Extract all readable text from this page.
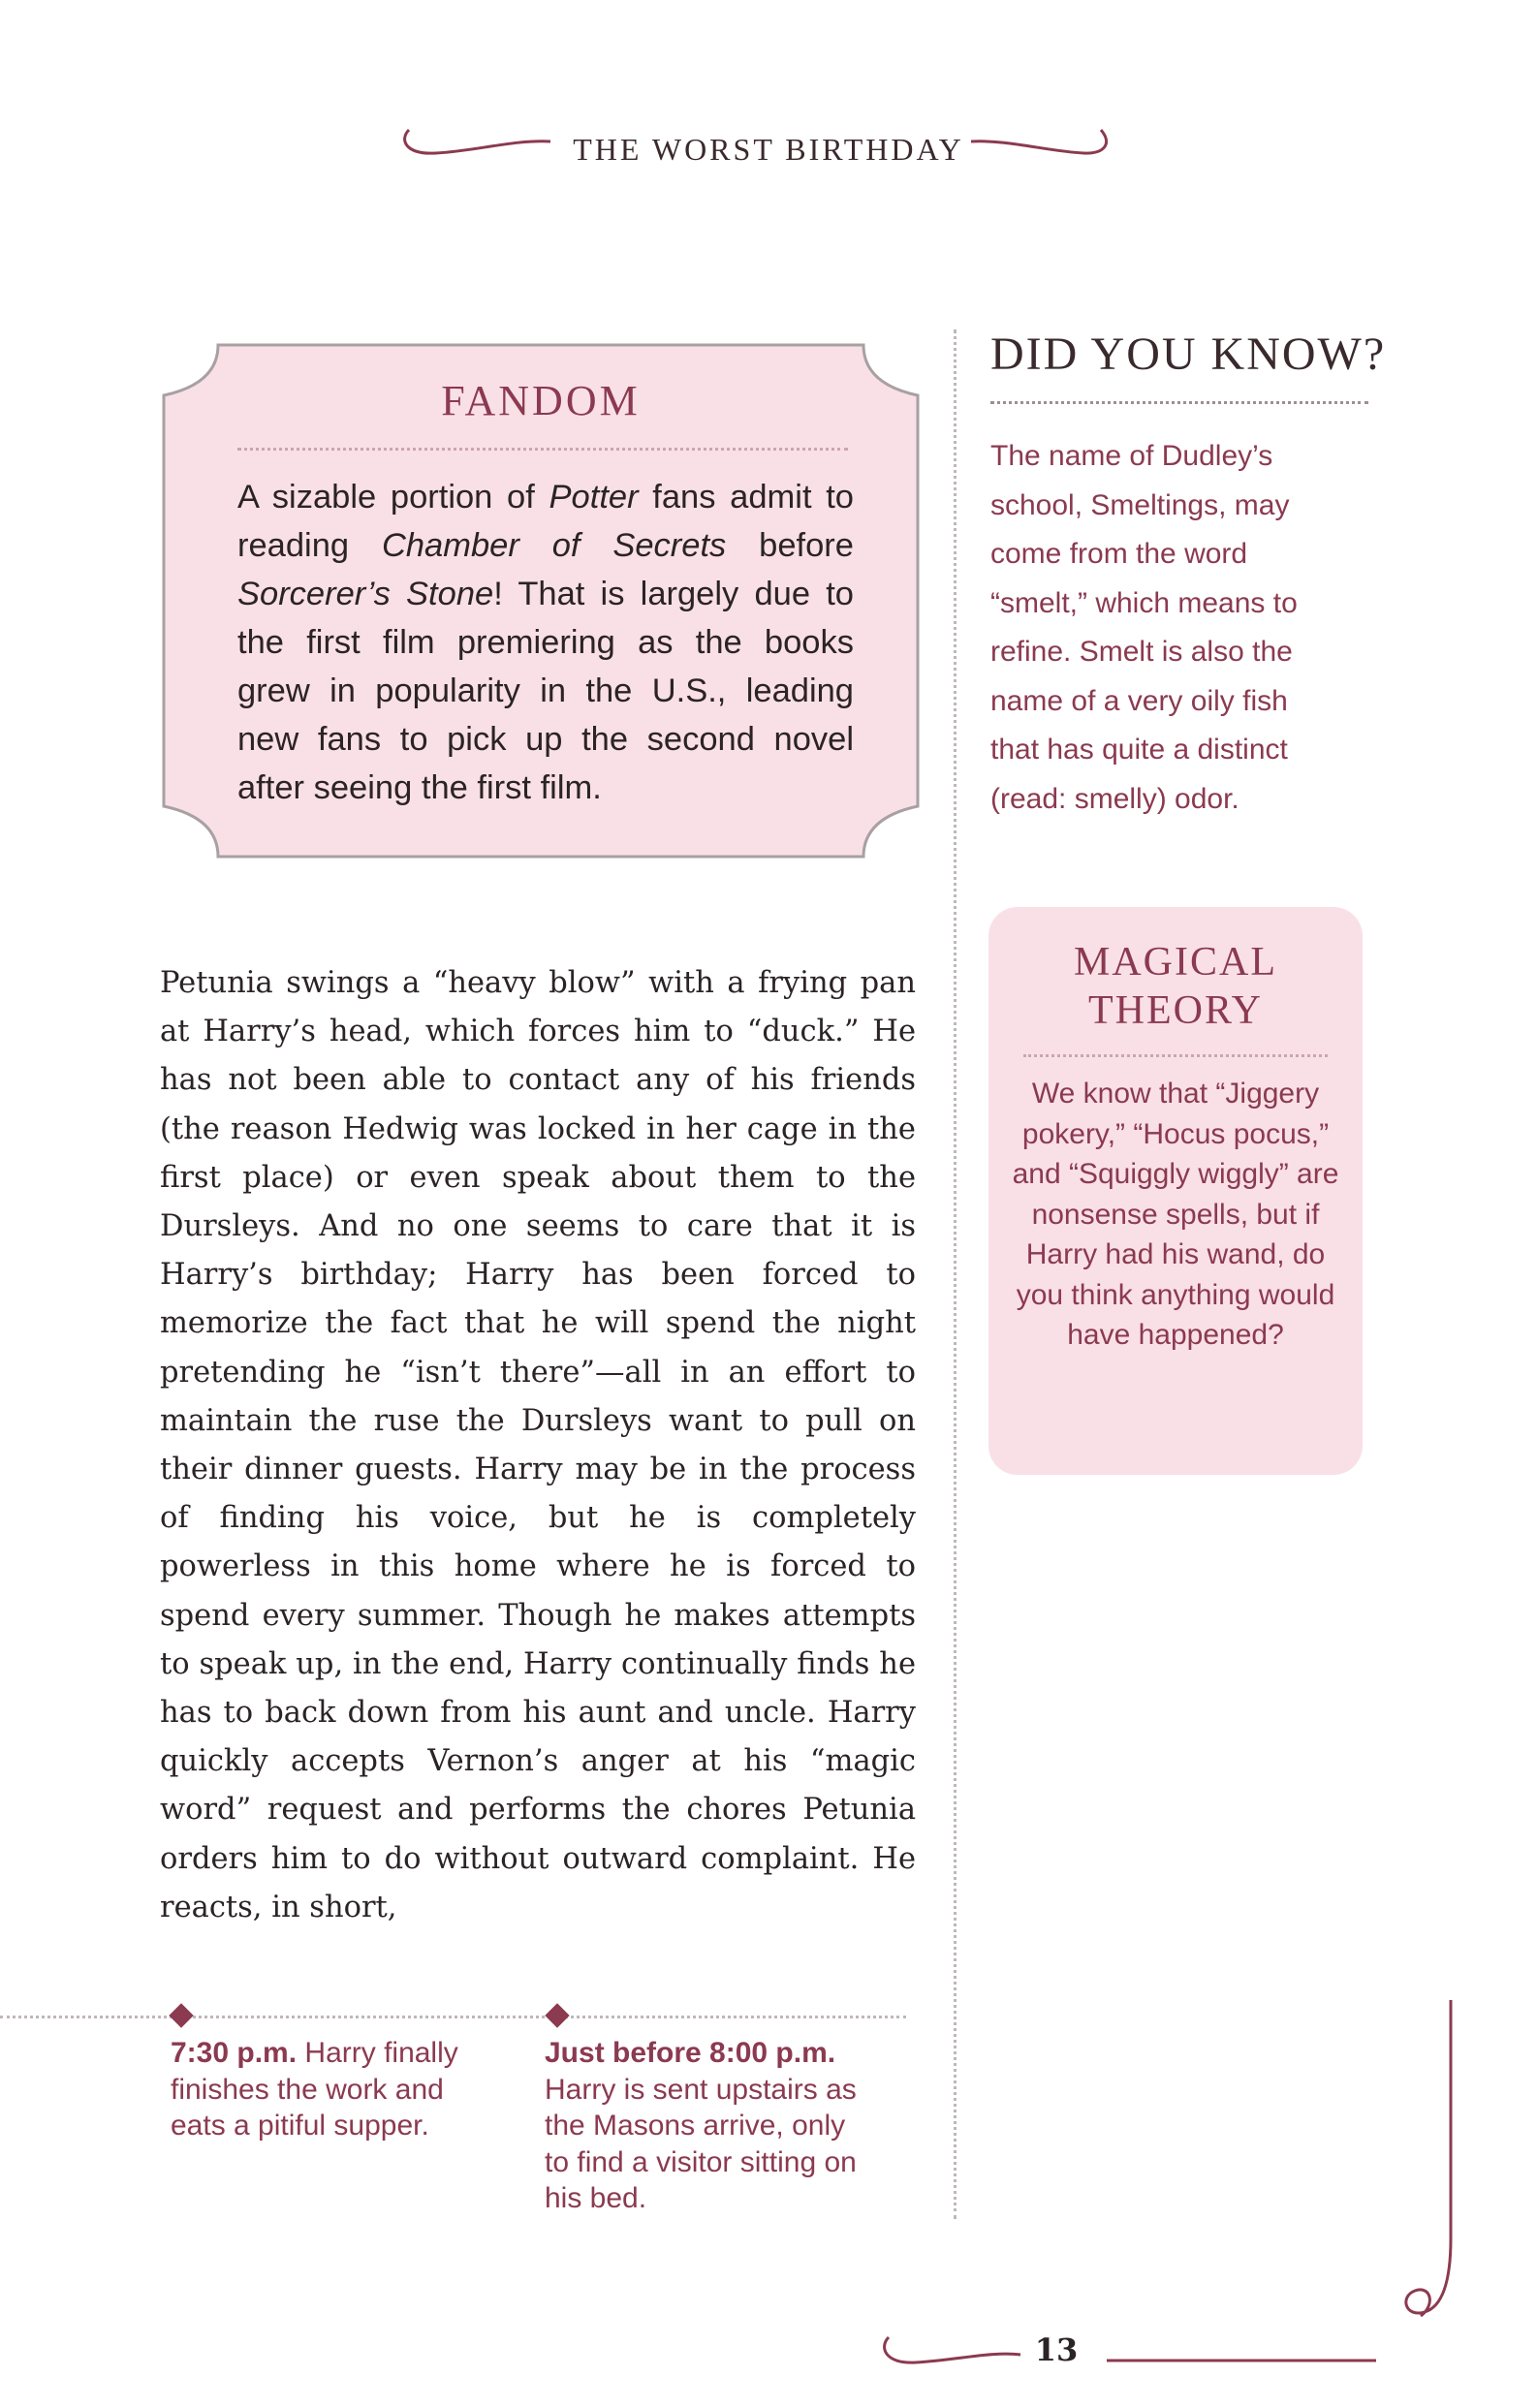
THE WORST BIRTHDAY
FANDOM
A sizable portion of Potter fans admit to reading Chamber of Secrets before Sorcerer’s Stone! That is largely due to the first film premiering as the books grew in popularity in the U.S., leading new fans to pick up the second novel after seeing the first film.
Petunia swings a “heavy blow” with a frying pan at Harry’s head, which forces him to “duck.” He has not been able to contact any of his friends (the reason Hedwig was locked in her cage in the first place) or even speak about them to the Dursleys. And no one seems to care that it is Harry’s birthday; Harry has been forced to memorize the fact that he will spend the night pretending he “isn’t there”—all in an effort to maintain the ruse the Dursleys want to pull on their dinner guests. Harry may be in the process of finding his voice, but he is completely powerless in this home where he is forced to spend every summer. Though he makes attempts to speak up, in the end, Harry continually finds he has to back down from his aunt and uncle. Harry quickly accepts Vernon’s anger at his “magic word” request and performs the chores Petunia orders him to do without outward complaint. He reacts, in short,
DID YOU KNOW?
The name of Dudley’s school, Smeltings, may come from the word “smelt,” which means to refine. Smelt is also the name of a very oily fish that has quite a distinct (read: smelly) odor.
MAGICAL
THEORY
We know that “Jiggery pokery,” “Hocus pocus,” and “Squiggly wiggly” are nonsense spells, but if Harry had his wand, do you think anything would have happened?
7:30 p.m. Harry finally finishes the work and eats a pitiful supper.
Just before 8:00 p.m. Harry is sent upstairs as the Masons arrive, only to find a visitor sitting on his bed.
13
